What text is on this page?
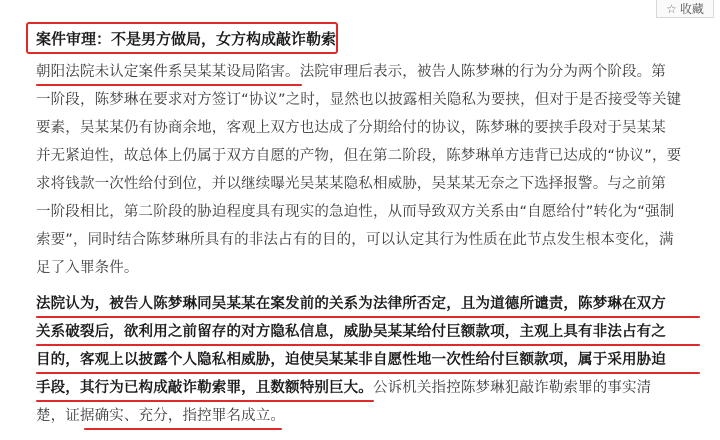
☆ 收藏
案件审理：不是男方做局，女方构成敲诈勒索
朝阳法院未认定案件系吴某某设局陷害。法院审理后表示，被告人陈梦琳的行为分为两个阶段。第
一阶段，陈梦琳在要求对方签订“协议”之时，显然也以披露相关隐私为要挟，但对于是否接受等关键
要素，吴某某仍有协商余地，客观上双方也达成了分期给付的协议，陈梦琳的要挟手段对于吴某某
并无紧迫性，故总体上仍属于双方自愿的产物，但在第二阶段，陈梦琳单方违背已达成的“协议”，要
求将钱款一次性给付到位，并以继续曝光吴某某隐私相威胁，吴某某无奈之下选择报警。与之前第
一阶段相比，第二阶段的胁迫程度具有现实的急迫性，从而导致双方关系由“自愿给付”转化为“强制
索要”，同时结合陈梦琳所具有的非法占有的目的，可以认定其行为性质在此节点发生根本变化，满
足了入罪条件。
法院认为，被告人陈梦琳同吴某某在案发前的关系为法律所否定，且为道德所谴责，陈梦琳在双方
关系破裂后，欲利用之前留存的对方隐私信息，威胁吴某某给付巨额款项，主观上具有非法占有之
目的，客观上以披露个人隐私相威胁，迫使吴某某非自愿性地一次性给付巨额款项，属于采用胁迫
手段，其行为已构成敲诈勒索罪，且数额特别巨大。公诉机关指控陈梦琳犯敲诈勒索罪的事实清
楚，证据确实、充分，指控罪名成立。
